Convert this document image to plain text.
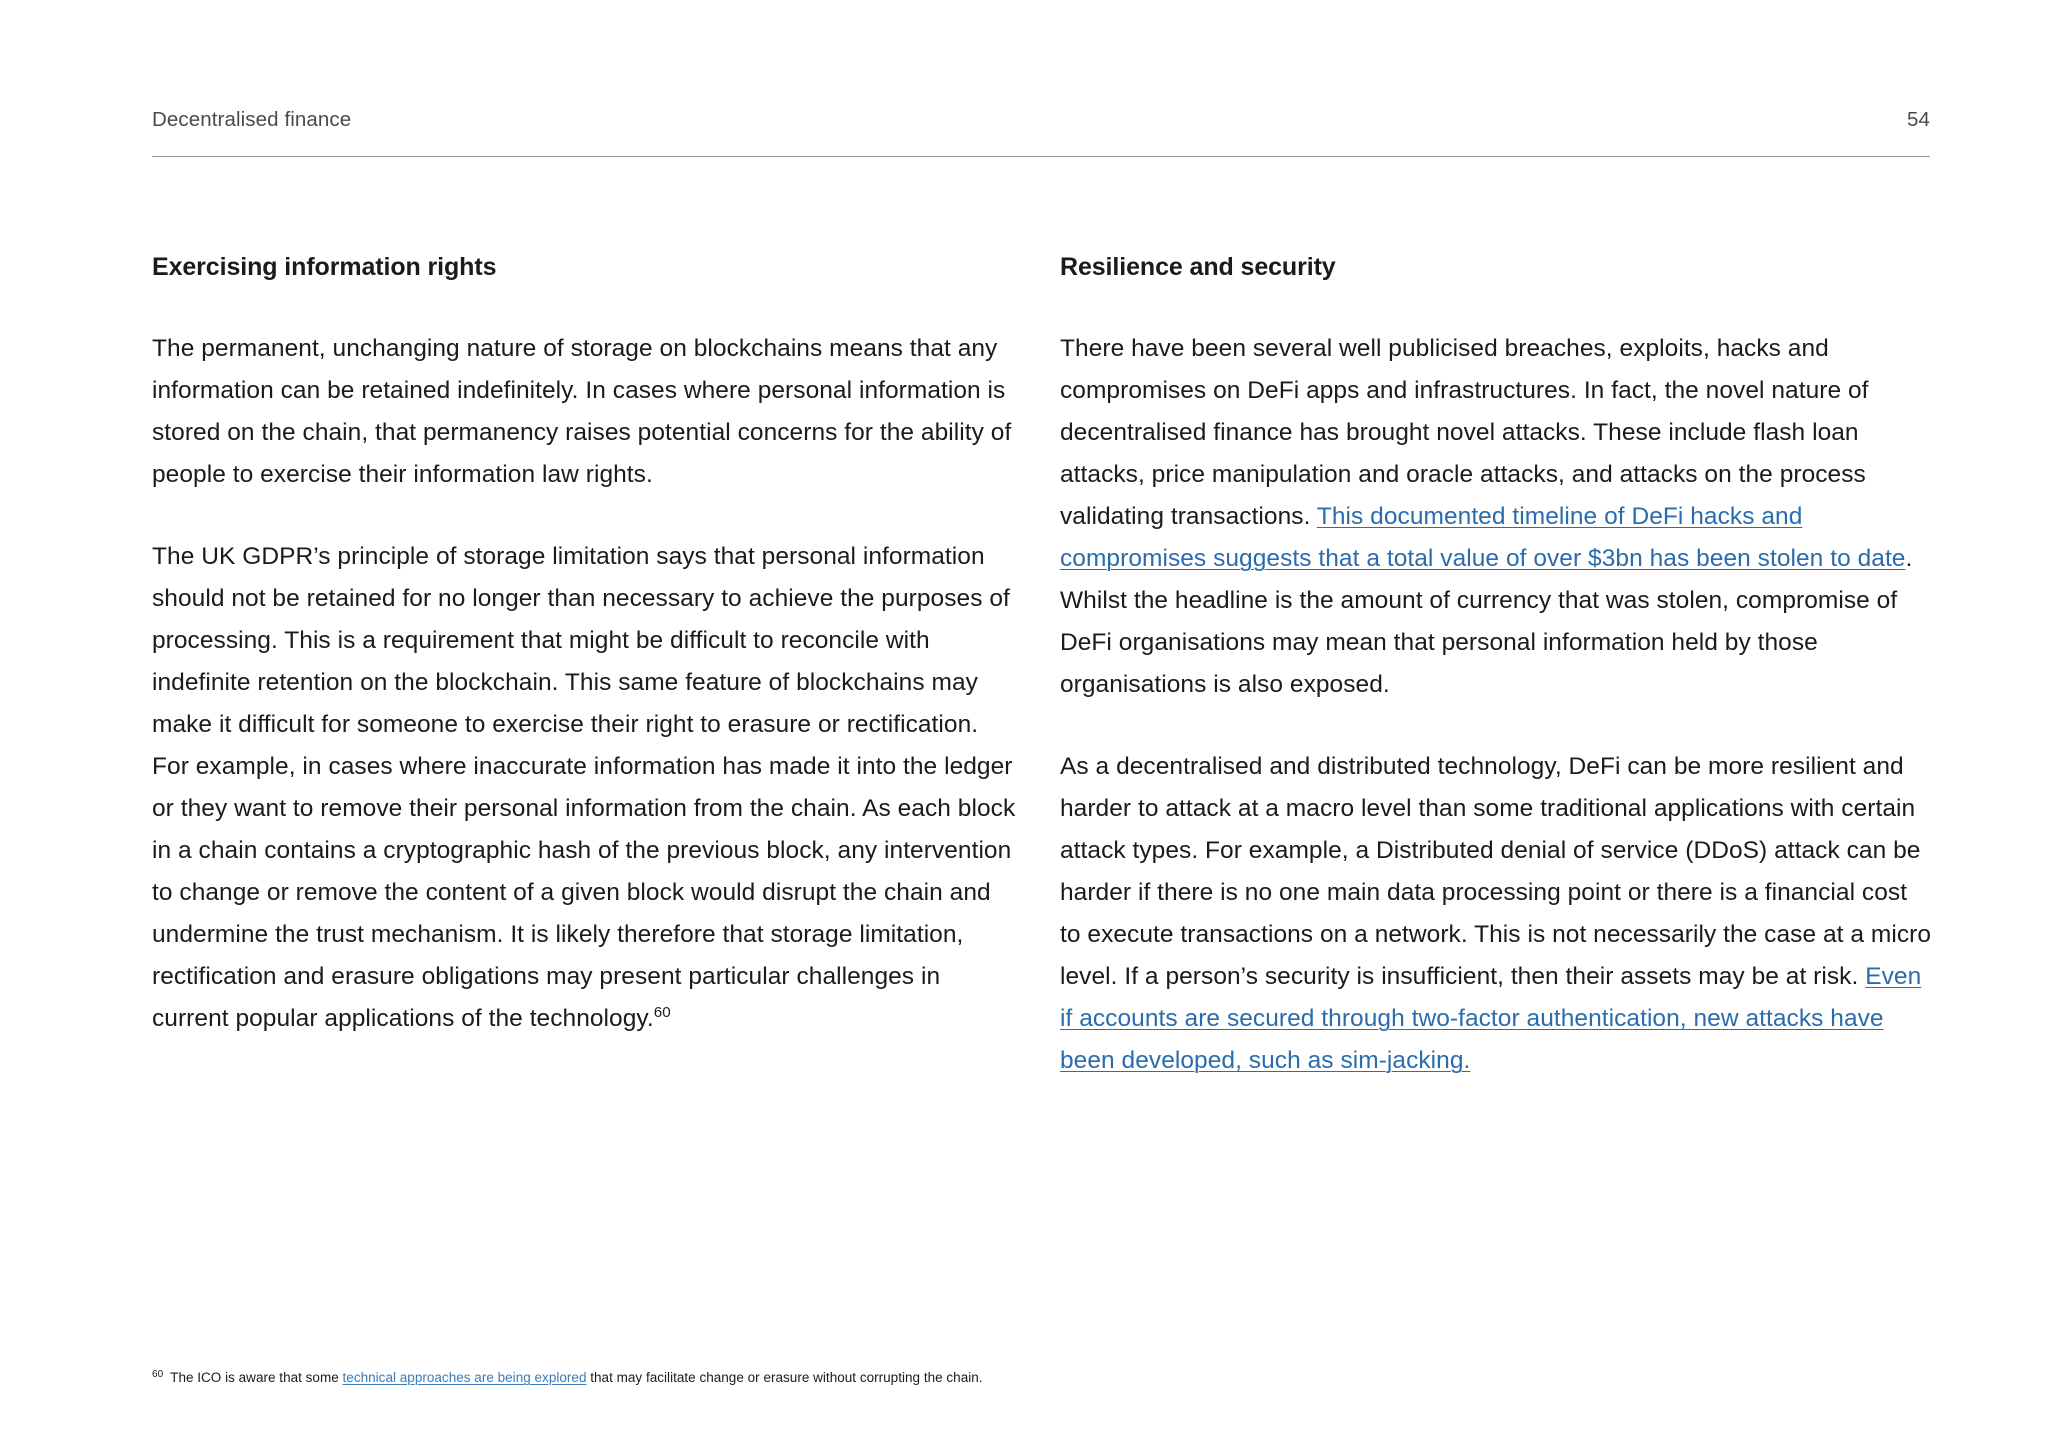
Decentralised finance	54
Exercising information rights

The permanent, unchanging nature of storage on blockchains means that any information can be retained indefinitely. In cases where personal information is stored on the chain, that permanency raises potential concerns for the ability of people to exercise their information law rights.

The UK GDPR’s principle of storage limitation says that personal information should not be retained for no longer than necessary to achieve the purposes of processing. This is a requirement that might be difficult to reconcile with indefinite retention on the blockchain. This same feature of blockchains may make it difficult for someone to exercise their right to erasure or rectification. For example, in cases where inaccurate information has made it into the ledger or they want to remove their personal information from the chain. As each block in a chain contains a cryptographic hash of the previous block, any intervention to change or remove the content of a given block would disrupt the chain and undermine the trust mechanism. It is likely therefore that storage limitation, rectification and erasure obligations may present particular challenges in current popular applications of the technology.$^{60}$

Resilience and security

There have been several well publicised breaches, exploits, hacks and compromises on DeFi apps and infrastructures. In fact, the novel nature of decentralised finance has brought novel attacks. These include flash loan attacks, price manipulation and oracle attacks, and attacks on the process validating transactions. This documented timeline of DeFi hacks and compromises suggests that a total value of over $3bn has been stolen to date. Whilst the headline is the amount of currency that was stolen, compromise of DeFi organisations may mean that personal information held by those organisations is also exposed.

As a decentralised and distributed technology, DeFi can be more resilient and harder to attack at a macro level than some traditional applications with certain attack types. For example, a Distributed denial of service (DDoS) attack can be harder if there is no one main data processing point or there is a financial cost to execute transactions on a network. This is not necessarily the case at a micro level. If a person’s security is insufficient, then their assets may be at risk. Even if accounts are secured through two-factor authentication, new attacks have been developed, such as sim-jacking.

$^{60}$ The ICO is aware that some technical approaches are being explored that may facilitate change or erasure without corrupting the chain.
